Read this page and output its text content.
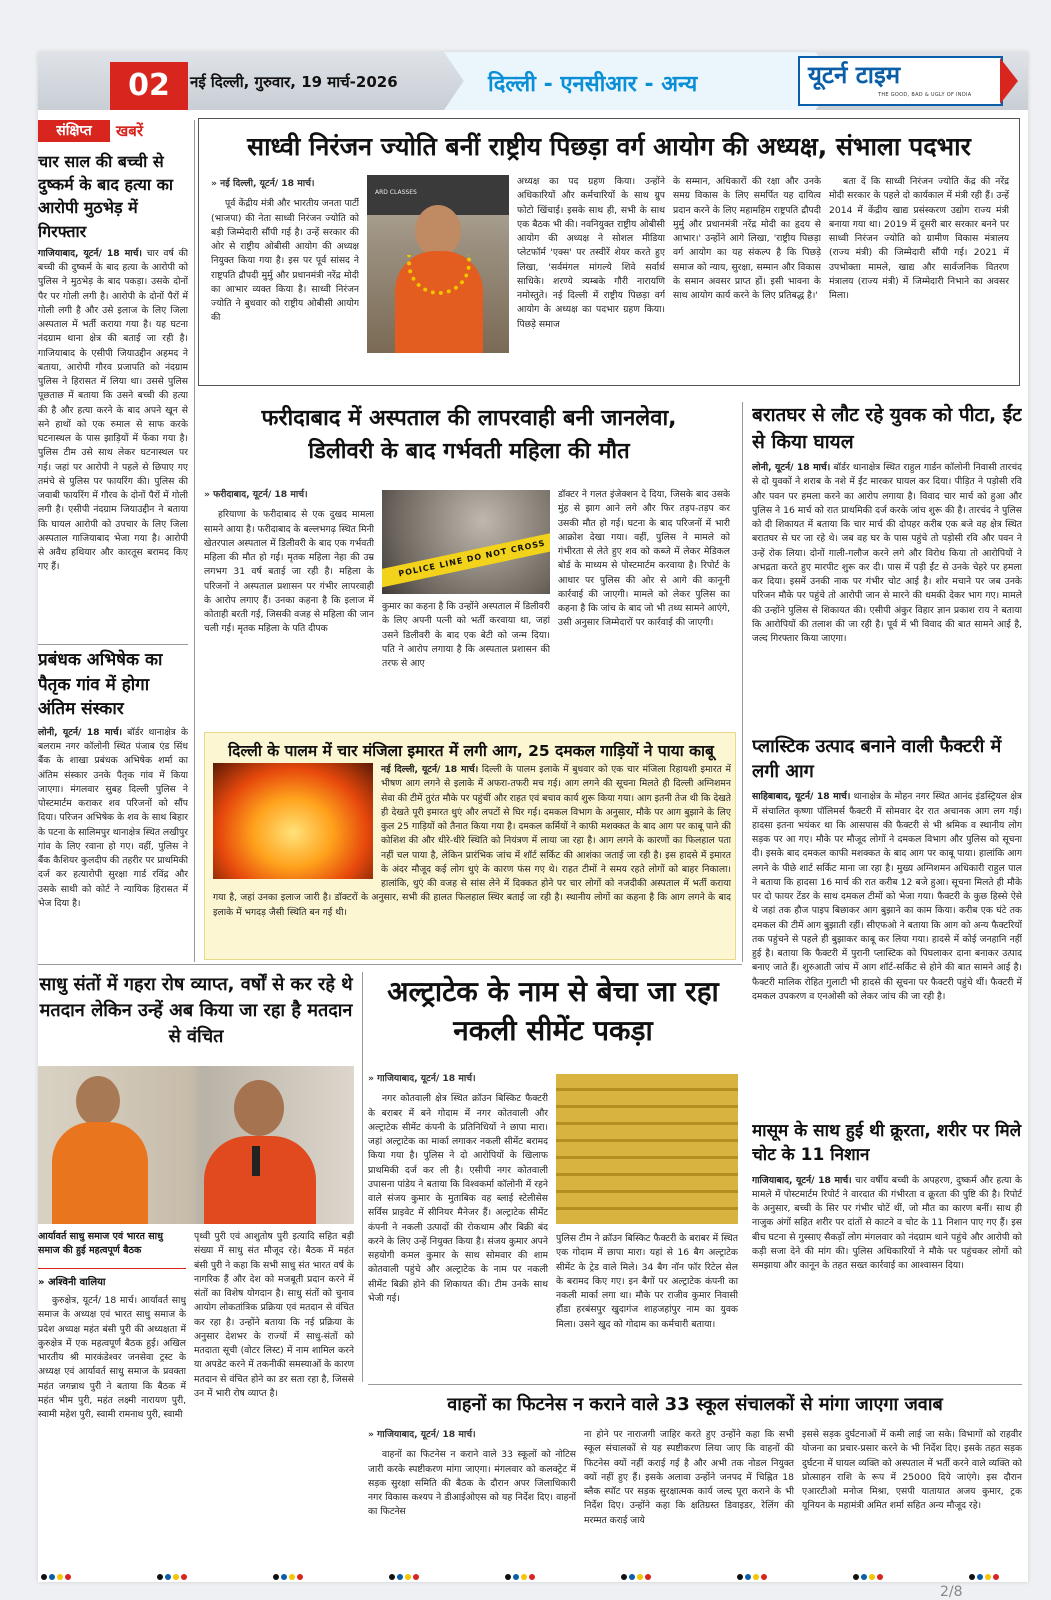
02	नई दिल्ली, गुरुवार, 19 मार्च-2026	दिल्ली - एनसीआर - अन्य	यूटर्न टाइम
THE GOOD, BAD & UGLY OF INDIA
संक्षिप्त	खबरें
चार साल की बच्ची से दुष्कर्म के बाद हत्या का आरोपी मुठभेड़ में गिरफ्तार
गाजियाबाद, यूटर्न/ 18 मार्च। चार वर्ष की बच्ची की दुष्कर्म के बाद हत्या के आरोपी को पुलिस ने मुठभेड़ के बाद पकड़ा। उसके दोनों पैर पर गोली लगी है। आरोपी के दोनों पैरों में गोली लगी है और उसे इलाज के लिए जिला अस्पताल में भर्ती कराया गया है। यह घटना नंदग्राम थाना क्षेत्र की बताई जा रही है। गाजियाबाद के एसीपी जियाउद्दीन अहमद ने बताया, आरोपी गौरव प्रजापति को नंदग्राम पुलिस ने हिरासत में लिया था। उससे पुलिस पूछताछ में बताया कि उसने बच्ची की हत्या की है और हत्या करने के बाद अपने खून से सने हाथों को एक रुमाल से साफ करके घटनास्थल के पास झाड़ियों में फेंका गया है। पुलिस टीम उसे साथ लेकर घटनास्थल पर गई। जहां पर आरोपी ने पहले से छिपाए गए तमंचे से पुलिस पर फायरिंग की। पुलिस की जवाबी फायरिंग में गौरव के दोनों पैरों में गोली लगी है। एसीपी नंदग्राम जियाउद्दीन ने बताया कि घायल आरोपी को उपचार के लिए जिला अस्पताल गाजियाबाद भेजा गया है। आरोपी से अवैध हथियार और कारतूस बरामद किए गए हैं।
प्रबंधक अभिषेक का पैतृक गांव में होगा अंतिम संस्कार
लोनी, यूटर्न/ 18 मार्च। बॉर्डर थानाक्षेत्र के बलराम नगर कॉलोनी स्थित पंजाब एंड सिंध बैंक के शाखा प्रबंधक अभिषेक शर्मा का अंतिम संस्कार उनके पैतृक गांव में किया जाएगा। मंगलवार सुबह दिल्ली पुलिस ने पोस्टमार्टम कराकर शव परिजनों को सौंप दिया। परिजन अभिषेक के शव के साथ बिहार के पटना के सालिमपुर थानाक्षेत्र स्थित लखीपुर गांव के लिए रवाना हो गए। वहीं, पुलिस ने बैंक कैशियर कुलदीप की तहरीर पर प्राथमिकी दर्ज कर हत्यारोपी सुरक्षा गार्ड रविंद्र और उसके साथी को कोर्ट ने न्यायिक हिरासत में भेज दिया है।
साध्वी निरंजन ज्योति बनीं राष्ट्रीय पिछड़ा वर्ग आयोग की अध्यक्ष, संभाला पदभार
» नई दिल्ली, यूटर्न/ 18 मार्च।
पूर्व केंद्रीय मंत्री और भारतीय जनता पार्टी (भाजपा) की नेता साध्वी निरंजन ज्योति को बड़ी जिम्मेदारी सौंपी गई है। उन्हें सरकार की ओर से राष्ट्रीय ओबीसी आयोग की अध्यक्ष नियुक्त किया गया है। इस पर पूर्व सांसद ने राष्ट्रपति द्रौपदी मुर्मु और प्रधानमंत्री नरेंद्र मोदी का आभार व्यक्त किया है। साध्वी निरंजन ज्योति ने बुधवार को राष्ट्रीय ओबीसी आयोग की
ARD CLASSES
अध्यक्ष का पद ग्रहण किया। उन्होंने अधिकारियों और कर्मचारियों के साथ ग्रुप फोटो खिंचाई। इसके साथ ही, सभी के साथ एक बैठक भी की। नवनियुक्त राष्ट्रीय ओबीसी आयोग की अध्यक्ष ने सोशल मीडिया प्लेटफॉर्म 'एक्स' पर तस्वीरें शेयर करते हुए लिखा, 'सर्वमंगल मांगल्ये शिवे सर्वार्थ साधिके। शरण्ये त्र्यम्बके गौरी नारायणि नमोस्तुते। नई दिल्ली में राष्ट्रीय पिछड़ा वर्ग आयोग के अध्यक्ष का पदभार ग्रहण किया। पिछड़े समाज
के सम्मान, अधिकारों की रक्षा और उनके समग्र विकास के लिए समर्पित यह दायित्व प्रदान करने के लिए महामहिम राष्ट्रपति द्रौपदी मुर्मु और प्रधानमंत्री नरेंद्र मोदी का हृदय से आभार।' उन्होंने आगे लिखा, 'राष्ट्रीय पिछड़ा वर्ग आयोग का यह संकल्प है कि पिछड़े समाज को न्याय, सुरक्षा, सम्मान और विकास के समान अवसर प्राप्त हों। इसी भावना के साथ आयोग कार्य करने के लिए प्रतिबद्ध है।'
बता दें कि साध्वी निरंजन ज्योति केंद्र की नरेंद्र मोदी सरकार के पहले दो कार्यकाल में मंत्री रही हैं। उन्हें 2014 में केंद्रीय खाद्य प्रसंस्करण उद्योग राज्य मंत्री बनाया गया था। 2019 में दूसरी बार सरकार बनने पर साध्वी निरंजन ज्योति को ग्रामीण विकास मंत्रालय (राज्य मंत्री) की जिम्मेदारी सौंपी गई। 2021 में उपभोक्ता मामले, खाद्य और सार्वजनिक वितरण मंत्रालय (राज्य मंत्री) में जिम्मेदारी निभाने का अवसर मिला।
फरीदाबाद में अस्पताल की लापरवाही बनी जानलेवा,
डिलीवरी के बाद गर्भवती महिला की मौत
» फरीदाबाद, यूटर्न/ 18 मार्च।
हरियाणा के फरीदाबाद से एक दुखद मामला सामने आया है। फरीदाबाद के बल्लभगढ़ स्थित मिनी खेतरपाल अस्पताल में डिलीवरी के बाद एक गर्भवती महिला की मौत हो गई। मृतक महिला नेहा की उम्र लगभग 31 वर्ष बताई जा रही है। महिला के परिजनों ने अस्पताल प्रशासन पर गंभीर लापरवाही के आरोप लगाए हैं। उनका कहना है कि इलाज में कोताही बरती गई, जिसकी वजह से महिला की जान चली गई। मृतक महिला के पति दीपक
POLICE LINE DO NOT CROSS
कुमार का कहना है कि उन्होंने अस्पताल में डिलीवरी के लिए अपनी पत्नी को भर्ती करवाया था, जहां उसने डिलीवरी के बाद एक बेटी को जन्म दिया। पति ने आरोप लगाया है कि अस्पताल प्रशासन की तरफ से आए
डॉक्टर ने गलत इंजेक्शन दे दिया, जिसके बाद उसके मुंह से झाग आने लगे और फिर तड़प-तड़प कर उसकी मौत हो गई। घटना के बाद परिजनों में भारी आक्रोश देखा गया। वहीं, पुलिस ने मामले को गंभीरता से लेते हुए शव को कब्जे में लेकर मेडिकल बोर्ड के माध्यम से पोस्टमार्टम करवाया है। रिपोर्ट के आधार पर पुलिस की ओर से आगे की कानूनी कार्रवाई की जाएगी। मामले को लेकर पुलिस का कहना है कि जांच के बाद जो भी तथ्य सामने आएंगे, उसी अनुसार जिम्मेदारों पर कार्रवाई की जाएगी।
बरातघर से लौट रहे युवक को पीटा, ईंट से किया घायल
लोनी, यूटर्न/ 18 मार्च। बॉर्डर थानाक्षेत्र स्थित राहुल गार्डन कॉलोनी निवासी तारचंद से दो युवकों ने शराब के नशे में ईंट मारकर घायल कर दिया। पीड़ित ने पड़ोसी रवि और पवन पर हमला करने का आरोप लगाया है। विवाद चार मार्च को हुआ और पुलिस ने 16 मार्च को रात प्राथमिकी दर्ज करके जांच शुरू की है। तारचंद ने पुलिस को दी शिकायत में बताया कि चार मार्च की दोपहर करीब एक बजे वह क्षेत्र स्थित बरातघर से घर जा रहे थे। जब वह घर के पास पहुंचे तो पड़ोसी रवि और पवन ने उन्हें रोक लिया। दोनों गाली-गलौज करने लगे और विरोध किया तो आरोपियों ने अभद्रता करते हुए मारपीट शुरू कर दी। पास में पड़ी ईंट से उनके चेहरे पर हमला कर दिया। इसमें उनकी नाक पर गंभीर चोट आई है। शोर मचाने पर जब उनके परिजन मौके पर पहुंचे तो आरोपी जान से मारने की धमकी देकर भाग गए। मामले की उन्होंने पुलिस से शिकायत की। एसीपी अंकुर विहार ज्ञान प्रकाश राय ने बताया कि आरोपियों की तलाश की जा रही है। पूर्व में भी विवाद की बात सामने आई है, जल्द गिरफ्तार किया जाएगा।
दिल्ली के पालम में चार मंजिला इमारत में लगी आग, 25 दमकल गाड़ियों ने पाया काबू
नई दिल्ली, यूटर्न/ 18 मार्च। दिल्ली के पालम इलाके में बुधवार को एक चार मंजिला रिहायशी इमारत में भीषण आग लगने से इलाके में अफरा-तफरी मच गई। आग लगने की सूचना मिलते ही दिल्ली अग्निशमन सेवा की टीमें तुरंत मौके पर पहुंचीं और राहत एवं बचाव कार्य शुरू किया गया। आग इतनी तेज थी कि देखते ही देखते पूरी इमारत धुएं और लपटों से घिर गई। दमकल विभाग के अनुसार, मौके पर आग बुझाने के लिए कुल 25 गाड़ियों को तैनात किया गया है। दमकल कर्मियों ने काफी मशक्कत के बाद आग पर काबू पाने की कोशिश की और धीरे-धीरे स्थिति को नियंत्रण में लाया जा रहा है। आग लगने के कारणों का फिलहाल पता नहीं चल पाया है, लेकिन प्रारंभिक जांच में शॉर्ट सर्किट की आशंका जताई जा रही है। इस हादसे में इमारत के अंदर मौजूद कई लोग धुएं के कारण फंस गए थे। राहत टीमों ने समय रहते लोगों को बाहर निकाला। हालांकि, धुएं की वजह से सांस लेने में दिक्कत होने पर चार लोगों को नजदीकी अस्पताल में भर्ती कराया गया है, जहां उनका इलाज जारी है। डॉक्टरों के अनुसार, सभी की हालत फिलहाल स्थिर बताई जा रही है। स्थानीय लोगों का कहना है कि आग लगने के बाद इलाके में भगदड़ जैसी स्थिति बन गई थी।
प्लास्टिक उत्पाद बनाने वाली फैक्टरी में लगी आग
साहिबाबाद, यूटर्न/ 18 मार्च। थानाक्षेत्र के मोहन नगर स्थित आनंद इंडस्ट्रियल क्षेत्र में संचालित कृष्णा पॉलिमर्स फैक्टरी में सोमवार देर रात अचानक आग लग गई। हादसा इतना भयंकर था कि आसपास की फैक्टरी से भी श्रमिक व स्थानीय लोग सड़क पर आ गए। मौके पर मौजूद लोगों ने दमकल विभाग और पुलिस को सूचना दी। इसके बाद दमकल काफी मशक्कत के बाद आग पर काबू पाया। हालांकि आग लगने के पीछे शार्ट सर्किट माना जा रहा है। मुख्य अग्निशमन अधिकारी राहुल पाल ने बताया कि हादसा 16 मार्च की रात करीब 12 बजे हुआ। सूचना मिलते ही मौके पर दो फायर टेंडर के साथ दमकल टीमों को भेजा गया। फैक्टरी के कुछ हिस्से ऐसे थे जहां तक हौज पाइप बिछाकर आग बुझाने का काम किया। करीब एक घंटे तक दमकल की टीमें आग बुझाती रहीं। सीएफओ ने बताया कि आग को अन्य फैक्टरियों तक पहुंचने से पहले ही बुझाकर काबू कर लिया गया। हादसे में कोई जनहानि नहीं हुई है। बताया कि फैक्टरी में पुरानी प्लास्टिक को पिघलाकर दाना बनाकर उत्पाद बनाए जाते हैं। शुरुआती जांच में आग शॉर्ट-सर्किट से होने की बात सामने आई है। फैक्टरी मालिक रोहित गुलाटी भी हादसे की सूचना पर फैक्टरी पहुंचे थीं। फैक्टरी में दमकल उपकरण व एनओसी को लेकर जांच की जा रही है।
साधु संतों में गहरा रोष व्याप्त, वर्षों से कर रहे थे मतदान लेकिन उन्हें अब किया जा रहा है मतदान से वंचित
आर्यावर्त साधु समाज एवं भारत साधु समाज की हुई महत्वपूर्ण बैठक
» अश्विनी वालिया
कुरुक्षेत्र, यूटर्न/ 18 मार्च। आर्यावर्त साधु समाज के अध्यक्ष एवं भारत साधु समाज के प्रदेश अध्यक्ष महंत बंसी पुरी की अध्यक्षता में कुरुक्षेत्र में एक महत्वपूर्ण बैठक हुई। अखिल भारतीय श्री मारकंडेश्वर जनसेवा ट्रस्ट के अध्यक्ष एवं आर्यावर्त साधु समाज के प्रवक्ता महंत जगन्नाथ पुरी ने बताया कि बैठक में महंत भीम पुरी, महंत लक्ष्मी नारायण पुरी, स्वामी महेश पुरी, स्वामी रामनाथ पुरी, स्वामी
पृथ्वी पुरी एवं आशुतोष पुरी इत्यादि सहित बड़ी संख्या में साधु संत मौजूद रहे। बैठक में महंत बंसी पुरी ने कहा कि सभी साधु संत भारत वर्ष के नागरिक हैं और देश को मजबूती प्रदान करने में संतों का विशेष योगदान है। साधु संतों को चुनाव आयोग लोकतांत्रिक प्रक्रिया एवं मतदान से वंचित कर रहा है। उन्होंने बताया कि नई प्रक्रिया के अनुसार देशभर के राज्यों में साधु-संतों को मतदाता सूची (वोटर लिस्ट) में नाम शामिल करने या अपडेट करने में तकनीकी समस्याओं के कारण मतदान से वंचित होने का डर सता रहा है, जिससे उन में भारी रोष व्याप्त है।
अल्ट्राटेक के नाम से बेचा जा रहा नकली सीमेंट पकड़ा
» गाजियाबाद, यूटर्न/ 18 मार्च।
नगर कोतवाली क्षेत्र स्थित क्रॉउन बिस्किट फैक्टरी के बराबर में बने गोदाम में नगर कोतवाली और अल्ट्राटेक सीमेंट कंपनी के प्रतिनिधियों ने छापा मारा। जहां अल्ट्राटेक का मार्का लगाकर नकली सीमेंट बरामद किया गया है। पुलिस ने दो आरोपियों के खिलाफ प्राथमिकी दर्ज कर ली है। एसीपी नगर कोतवाली उपासना पांडेय ने बताया कि विश्वकर्मा कॉलोनी में रहने वाले संजय कुमार के मुताबिक वह ब्लाई स्टेलीसेस सर्विस प्राइवेट में सीनियर मैनेजर हैं। अल्ट्राटेक सीमेंट कंपनी ने नकली उत्पादों की रोकथाम और बिक्री बंद करने के लिए उन्हें नियुक्त किया है। संजय कुमार अपने सहयोगी कमल कुमार के साथ सोमवार की शाम कोतवाली पहुंचे और अल्ट्राटेक के नाम पर नकली सीमेंट बिक्री होने की शिकायत की। टीम उनके साथ भेजी गई।
पुलिस टीम ने क्रॉउन बिस्किट फैक्टरी के बराबर में स्थित एक गोदाम में छापा मारा। यहां से 16 बैग अल्ट्राटेक सीमेंट के ट्रेड वाले मिले। 34 बैग नॉन फॉर रिटेल सेल के बरामद किए गए। इन बैगों पर अल्ट्राटेक कंपनी का नकली मार्का लगा था। मौके पर राजीव कुमार निवासी हौंडा हरबंसपुर खुदागंज शाहजहांपुर नाम का युवक मिला। उसने खुद को गोदाम का कर्मचारी बताया।
मासूम के साथ हुई थी क्रूरता, शरीर पर मिले चोट के 11 निशान
गाजियाबाद, यूटर्न/ 18 मार्च। चार वर्षीय बच्ची के अपहरण, दुष्कर्म और हत्या के मामले में पोस्टमार्टम रिपोर्ट ने वारदात की गंभीरता व क्रूरता की पुष्टि की है। रिपोर्ट के अनुसार, बच्ची के सिर पर गंभीर चोटें थीं, जो मौत का कारण बनीं। साथ ही नाजुक अंगों सहित शरीर पर दांतों से काटने व चोट के 11 निशान पाए गए हैं। इस बीच घटना से गुस्साए सैकड़ों लोग मंगलवार को नंदग्राम थाने पहुंचे और आरोपी को कड़ी सजा देने की मांग की। पुलिस अधिकारियों ने मौके पर पहुंचकर लोगों को समझाया और कानून के तहत सख्त कार्रवाई का आश्वासन दिया।
वाहनों का फिटनेस न कराने वाले 33 स्कूल संचालकों से मांगा जाएगा जवाब
» गाजियाबाद, यूटर्न/ 18 मार्च।
वाहनों का फिटनेस न कराने वाले 33 स्कूलों को नोटिस जारी करके स्पष्टीकरण मांगा जाएगा। मंगलवार को कलक्ट्रेट में सड़क सुरक्षा समिति की बैठक के दौरान अपर जिलाधिकारी नगर विकास कश्यप ने डीआईओएस को यह निर्देश दिए। वाहनों का फिटनेस
ना होने पर नाराजगी जाहिर करते हुए उन्होंने कहा कि सभी स्कूल संचालकों से यह स्पष्टीकरण लिया जाए कि वाहनों की फिटनेस क्यों नहीं कराई गई है और अभी तक नोडल नियुक्त क्यों नहीं हुए हैं। इसके अलावा उन्होंने जनपद में चिह्नित 18 ब्लैक स्पॉट पर सड़क सुरक्षात्मक कार्य जल्द पूरा कराने के भी निर्देश दिए। उन्होंने कहा कि क्षतिग्रस्त डिवाइडर, रेलिंग की मरम्मत कराई जाये
इससे सड़क दुर्घटनाओं में कमी लाई जा सके। विभागों को राहवीर योजना का प्रचार-प्रसार करने के भी निर्देश दिए। इसके तहत सड़क दुर्घटना में घायल व्यक्ति को अस्पताल में भर्ती करने वाले व्यक्ति को प्रोत्साहन राशि के रूप में 25000 दिये जाएंगे। इस दौरान एआरटीओ मनोज मिश्रा, एसपी यातायात अजय कुमार, ट्रक यूनियन के महामंत्री अमित शर्मा सहित अन्य मौजूद रहे।
2/8
